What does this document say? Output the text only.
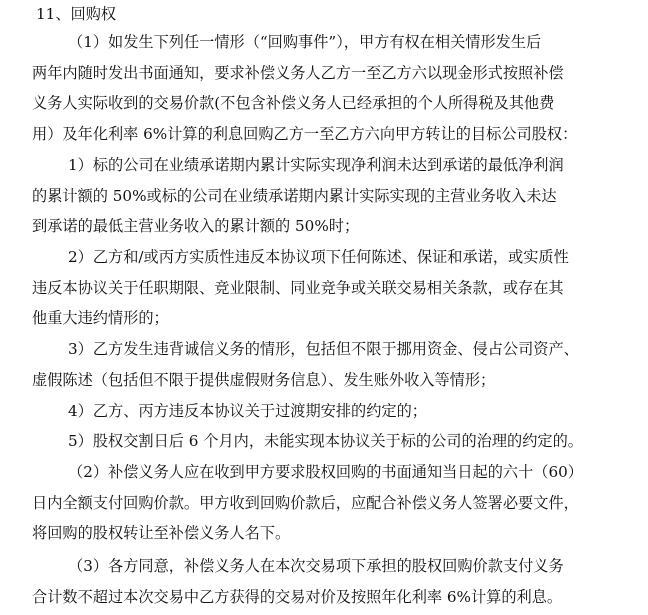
11、回购权
（1）如发生下列任一情形（“回购事件”），甲方有权在相关情形发生后
两年内随时发出书面通知，要求补偿义务人乙方一至乙方六以现金形式按照补偿
义务人实际收到的交易价款(不包含补偿义务人已经承担的个人所得税及其他费
用）及年化利率 6%计算的利息回购乙方一至乙方六向甲方转让的目标公司股权：
1）标的公司在业绩承诺期内累计实际实现净利润未达到承诺的最低净利润
的累计额的 50%或标的公司在业绩承诺期内累计实际实现的主营业务收入未达
到承诺的最低主营业务收入的累计额的 50%时；
2）乙方和/或丙方实质性违反本协议项下任何陈述、保证和承诺，或实质性
违反本协议关于任职期限、竞业限制、同业竞争或关联交易相关条款，或存在其
他重大违约情形的；
3）乙方发生违背诚信义务的情形，包括但不限于挪用资金、侵占公司资产、
虚假陈述（包括但不限于提供虚假财务信息）、发生账外收入等情形；
4）乙方、丙方违反本协议关于过渡期安排的约定的；
5）股权交割日后 6 个月内，未能实现本协议关于标的公司的治理的约定的。
（2）补偿义务人应在收到甲方要求股权回购的书面通知当日起的六十（60）
日内全额支付回购价款。甲方收到回购价款后，应配合补偿义务人签署必要文件，
将回购的股权转让至补偿义务人名下。
（3）各方同意，补偿义务人在本次交易项下承担的股权回购价款支付义务
合计数不超过本次交易中乙方获得的交易对价及按照年化利率 6%计算的利息。
